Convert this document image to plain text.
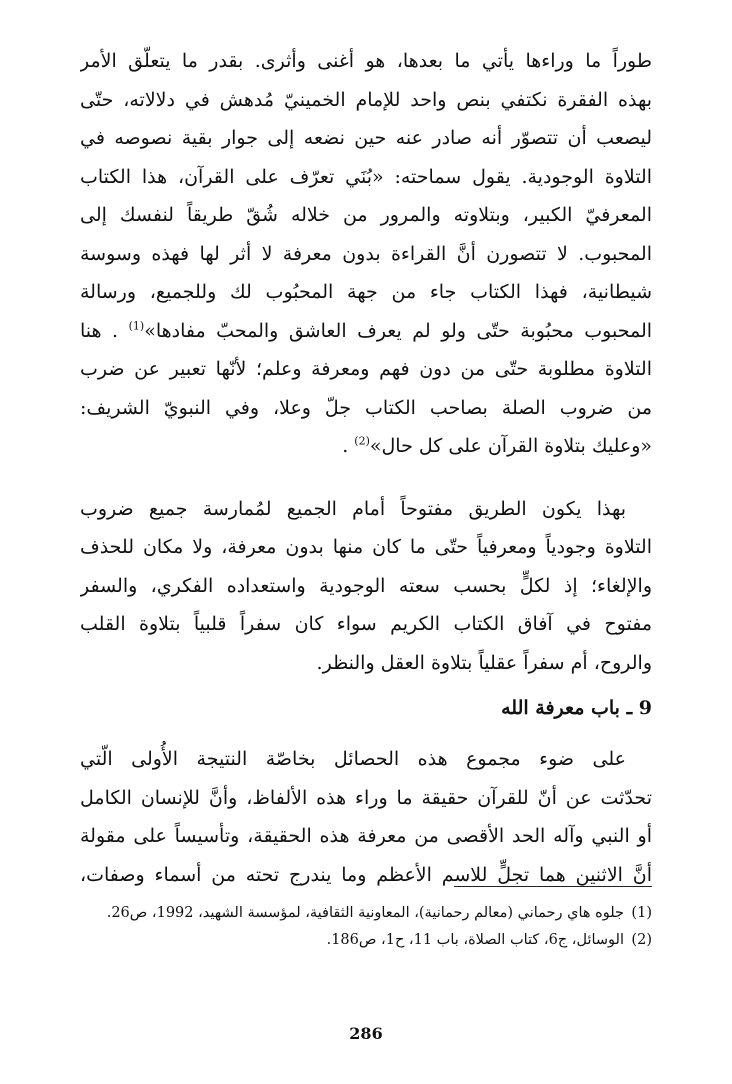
طوراً ما وراءها يأتي ما بعدها، هو أغنى وأثرى. بقدر ما يتعلّق الأمر
بهذه الفقرة نكتفي بنص واحد للإمام الخمينيّ مُدهش في دلالاته، حتّى
ليصعب أن تتصوّر أنه صادر عنه حين نضعه إلى جوار بقية نصوصه في
التلاوة الوجودية. يقول سماحته: «بُنَي تعرّف على القرآن، هذا الكتاب
المعرفيّ الكبير، وبتلاوته والمرور من خلاله شُقّ طريقاً لنفسك إلى
المحبوب. لا تتصورن أنَّ القراءة بدون معرفة لا أثر لها فهذه وسوسة
شيطانية، فهذا الكتاب جاء من جهة المحبُوب لك وللجميع، ورسالة
المحبوب محبُوبة حتّى ولو لم يعرف العاشق والمحبّ مفادها»$^{(1)}$ . هنا
التلاوة مطلوبة حتّى من دون فهم ومعرفة وعلم؛ لأنّها تعبير عن ضرب
من ضروب الصلة بصاحب الكتاب جلّ وعلا، وفي النبويّ الشريف:
«وعليك بتلاوة القرآن على كل حال»$^{(2)}$ .
بهذا يكون الطريق مفتوحاً أمام الجميع لمُمارسة جميع ضروب
التلاوة وجودياً ومعرفياً حتّى ما كان منها بدون معرفة، ولا مكان للحذف
والإلغاء؛ إذ لكلٍّ بحسب سعته الوجودية واستعداده الفكري، والسفر
مفتوح في آفاق الكتاب الكريم سواء كان سفراً قلبياً بتلاوة القلب
والروح، أم سفراً عقلياً بتلاوة العقل والنظر.
9 ـ باب معرفة الله
على ضوء مجموع هذه الحصائل بخاصّة النتيجة الأُولى الّتي
تحدّثت عن أنّ للقرآن حقيقة ما وراء هذه الألفاظ، وأنَّ للإنسان الكامل
أو النبي وآله الحد الأقصى من معرفة هذه الحقيقة، وتأسيساً على مقولة
أنَّ الاثنين هما تجلٍّ للاسم الأعظم وما يندرج تحته من أسماء وصفات،
(1)
جلوه هاي رحماني (معالم رحمانية)، المعاونية الثقافية، لمؤسسة الشهيد، 1992، ص26.
(2)
الوسائل، ج6، كتاب الصلاة، باب 11، ح1، ص186.
286
